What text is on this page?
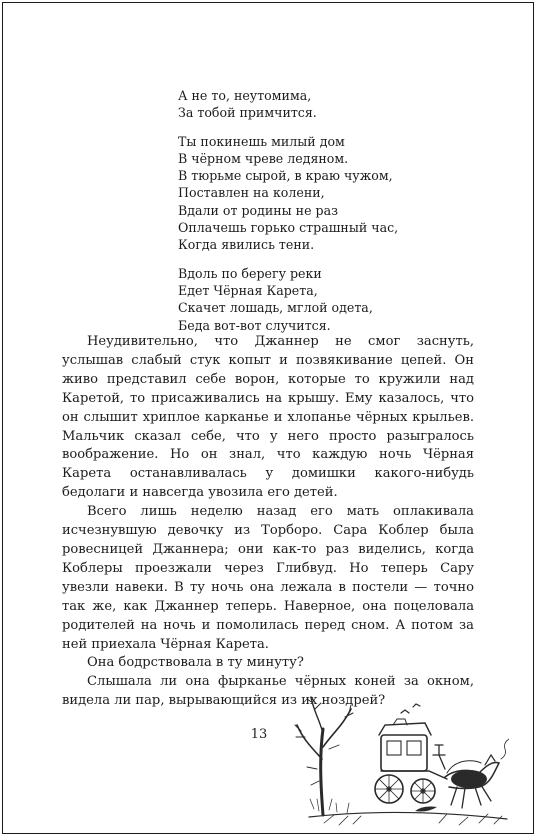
А не то, неутомима,
За тобой примчится.
Ты покинешь милый дом
В чёрном чреве ледяном.
В тюрьме сырой, в краю чужом,
Поставлен на колени,
Вдали от родины не раз
Оплачешь горько страшный час,
Когда явились тени.
Вдоль по берегу реки
Едет Чёрная Карета,
Скачет лошадь, мглой одета,
Беда вот-вот случится.

Неудивительно, что Джаннер не смог заснуть, услышав слабый стук копыт и позвякивание цепей. Он живо представил себе ворон, которые то кружили над Каретой, то присаживались на крышу. Ему казалось, что он слышит хриплое карканье и хлопанье чёрных крыльев. Мальчик сказал себе, что у него просто разыгралось воображение. Но он знал, что каждую ночь Чёрная Карета останавливалась у домишки какого-нибудь бедолаги и навсегда увозила его детей.

Всего лишь неделю назад его мать оплакивала исчезнувшую девочку из Торборо. Сара Коблер была ровесницей Джаннера; они как-то раз виделись, когда Коблеры проезжали через Глибвуд. Но теперь Сару увезли навеки. В ту ночь она лежала в постели — точно так же, как Джаннер теперь. Наверное, она поцеловала родителей на ночь и помолилась перед сном. А потом за ней приехала Чёрная Карета.

Она бодрствовала в ту минуту?

Слышала ли она фырканье чёрных коней за окном, видела ли пар, вырывающийся из их ноздрей?

13
